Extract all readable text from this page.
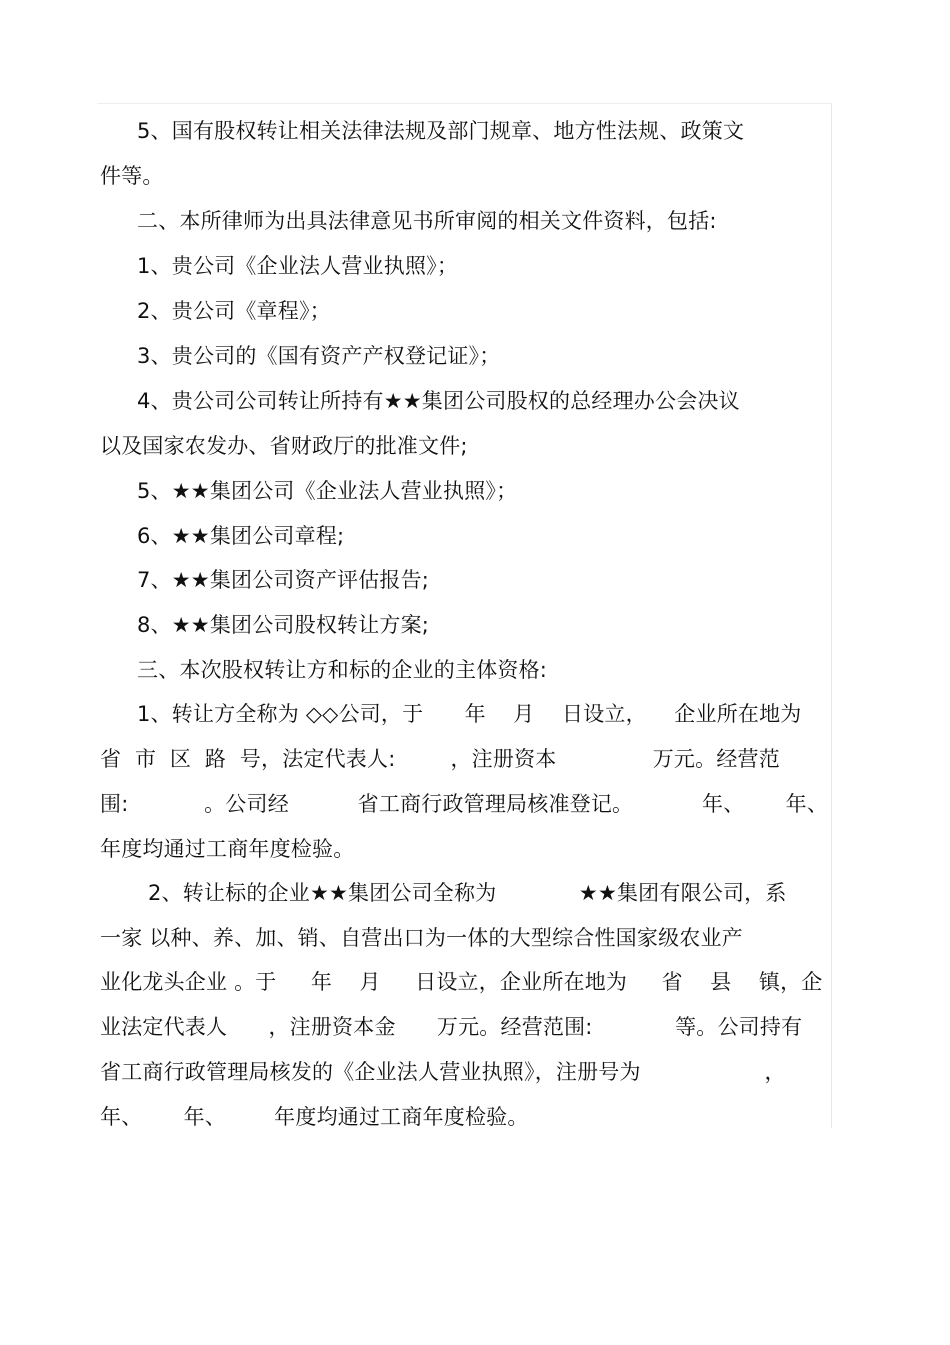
5、国有股权转让相关法律法规及部门规章、地方性法规、政策文
件等。
二、本所律师为出具法律意见书所审阅的相关文件资料，包括:
1、贵公司《企业法人营业执照》；
2、贵公司《章程》；
3、贵公司的《国有资产产权登记证》；
4、贵公司公司转让所持有★★集团公司股权的总经理办公会决议
以及国家农发办、省财政厅的批准文件;
5、★★集团公司《企业法人营业执照》；
6、★★集团公司章程;
7、★★集团公司资产评估报告;
8、★★集团公司股权转让方案;
三、本次股权转让方和标的企业的主体资格:
1、转让方全称为 ◇◇公司，于      年    月    日设立，    企业所在地为
省  市  区  路  号，法定代表人:        ，注册资本              万元。经营范
围:           。公司经          省工商行政管理局核准登记。          年、      年、
年度均通过工商年度检验。
2、转让标的企业★★集团公司全称为            ★★集团有限公司，系
一家 以种、养、加、销、自营出口为一体的大型综合性国家级农业产
业化龙头企业 。于     年    月     日设立，企业所在地为     省    县    镇，企
业法定代表人      ，注册资本金      万元。经营范围:            等。公司持有
省工商行政管理局核发的《企业法人营业执照》，注册号为                  ，
年、      年、       年度均通过工商年度检验。
